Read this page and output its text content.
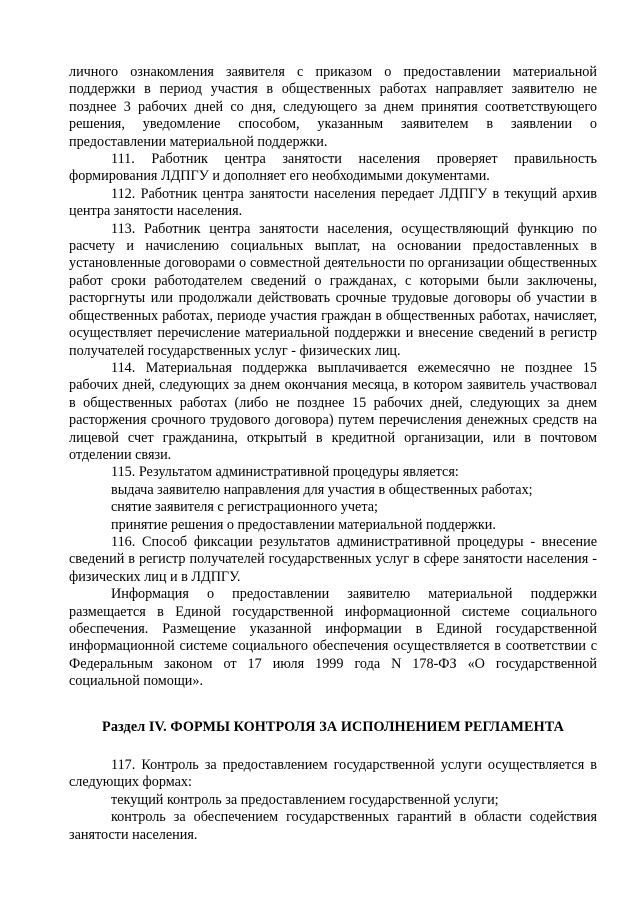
личного ознакомления заявителя с приказом о предоставлении материальной поддержки в период участия в общественных работах направляет заявителю не позднее 3 рабочих дней со дня, следующего за днем принятия соответствующего решения, уведомление способом, указанным заявителем в заявлении о предоставлении материальной поддержки.

111. Работник центра занятости населения проверяет правильность формирования ЛДПГУ и дополняет его необходимыми документами.

112. Работник центра занятости населения передает ЛДПГУ в текущий архив центра занятости населения.

113. Работник центра занятости населения, осуществляющий функцию по расчету и начислению социальных выплат, на основании предоставленных в установленные договорами о совместной деятельности по организации общественных работ сроки работодателем сведений о гражданах, с которыми были заключены, расторгнуты или продолжали действовать срочные трудовые договоры об участии в общественных работах, периоде участия граждан в общественных работах, начисляет, осуществляет перечисление материальной поддержки и внесение сведений в регистр получателей государственных услуг - физических лиц.

114. Материальная поддержка выплачивается ежемесячно не позднее 15 рабочих дней, следующих за днем окончания месяца, в котором заявитель участвовал в общественных работах (либо не позднее 15 рабочих дней, следующих за днем расторжения срочного трудового договора) путем перечисления денежных средств на лицевой счет гражданина, открытый в кредитной организации, или в почтовом отделении связи.

115. Результатом административной процедуры является:

выдача заявителю направления для участия в общественных работах;

снятие заявителя с регистрационного учета;

принятие решения о предоставлении материальной поддержки.

116. Способ фиксации результатов административной процедуры - внесение сведений в регистр получателей государственных услуг в сфере занятости населения - физических лиц и в ЛДПГУ.

Информация о предоставлении заявителю материальной поддержки размещается в Единой государственной информационной системе социального обеспечения. Размещение указанной информации в Единой государственной информационной системе социального обеспечения осуществляется в соответствии с Федеральным законом от 17 июля 1999 года N 178-ФЗ «О государственной социальной помощи».

Раздел IV. ФОРМЫ КОНТРОЛЯ ЗА ИСПОЛНЕНИЕМ РЕГЛАМЕНТА

117. Контроль за предоставлением государственной услуги осуществляется в следующих формах:

текущий контроль за предоставлением государственной услуги;

контроль за обеспечением государственных гарантий в области содействия занятости населения.
